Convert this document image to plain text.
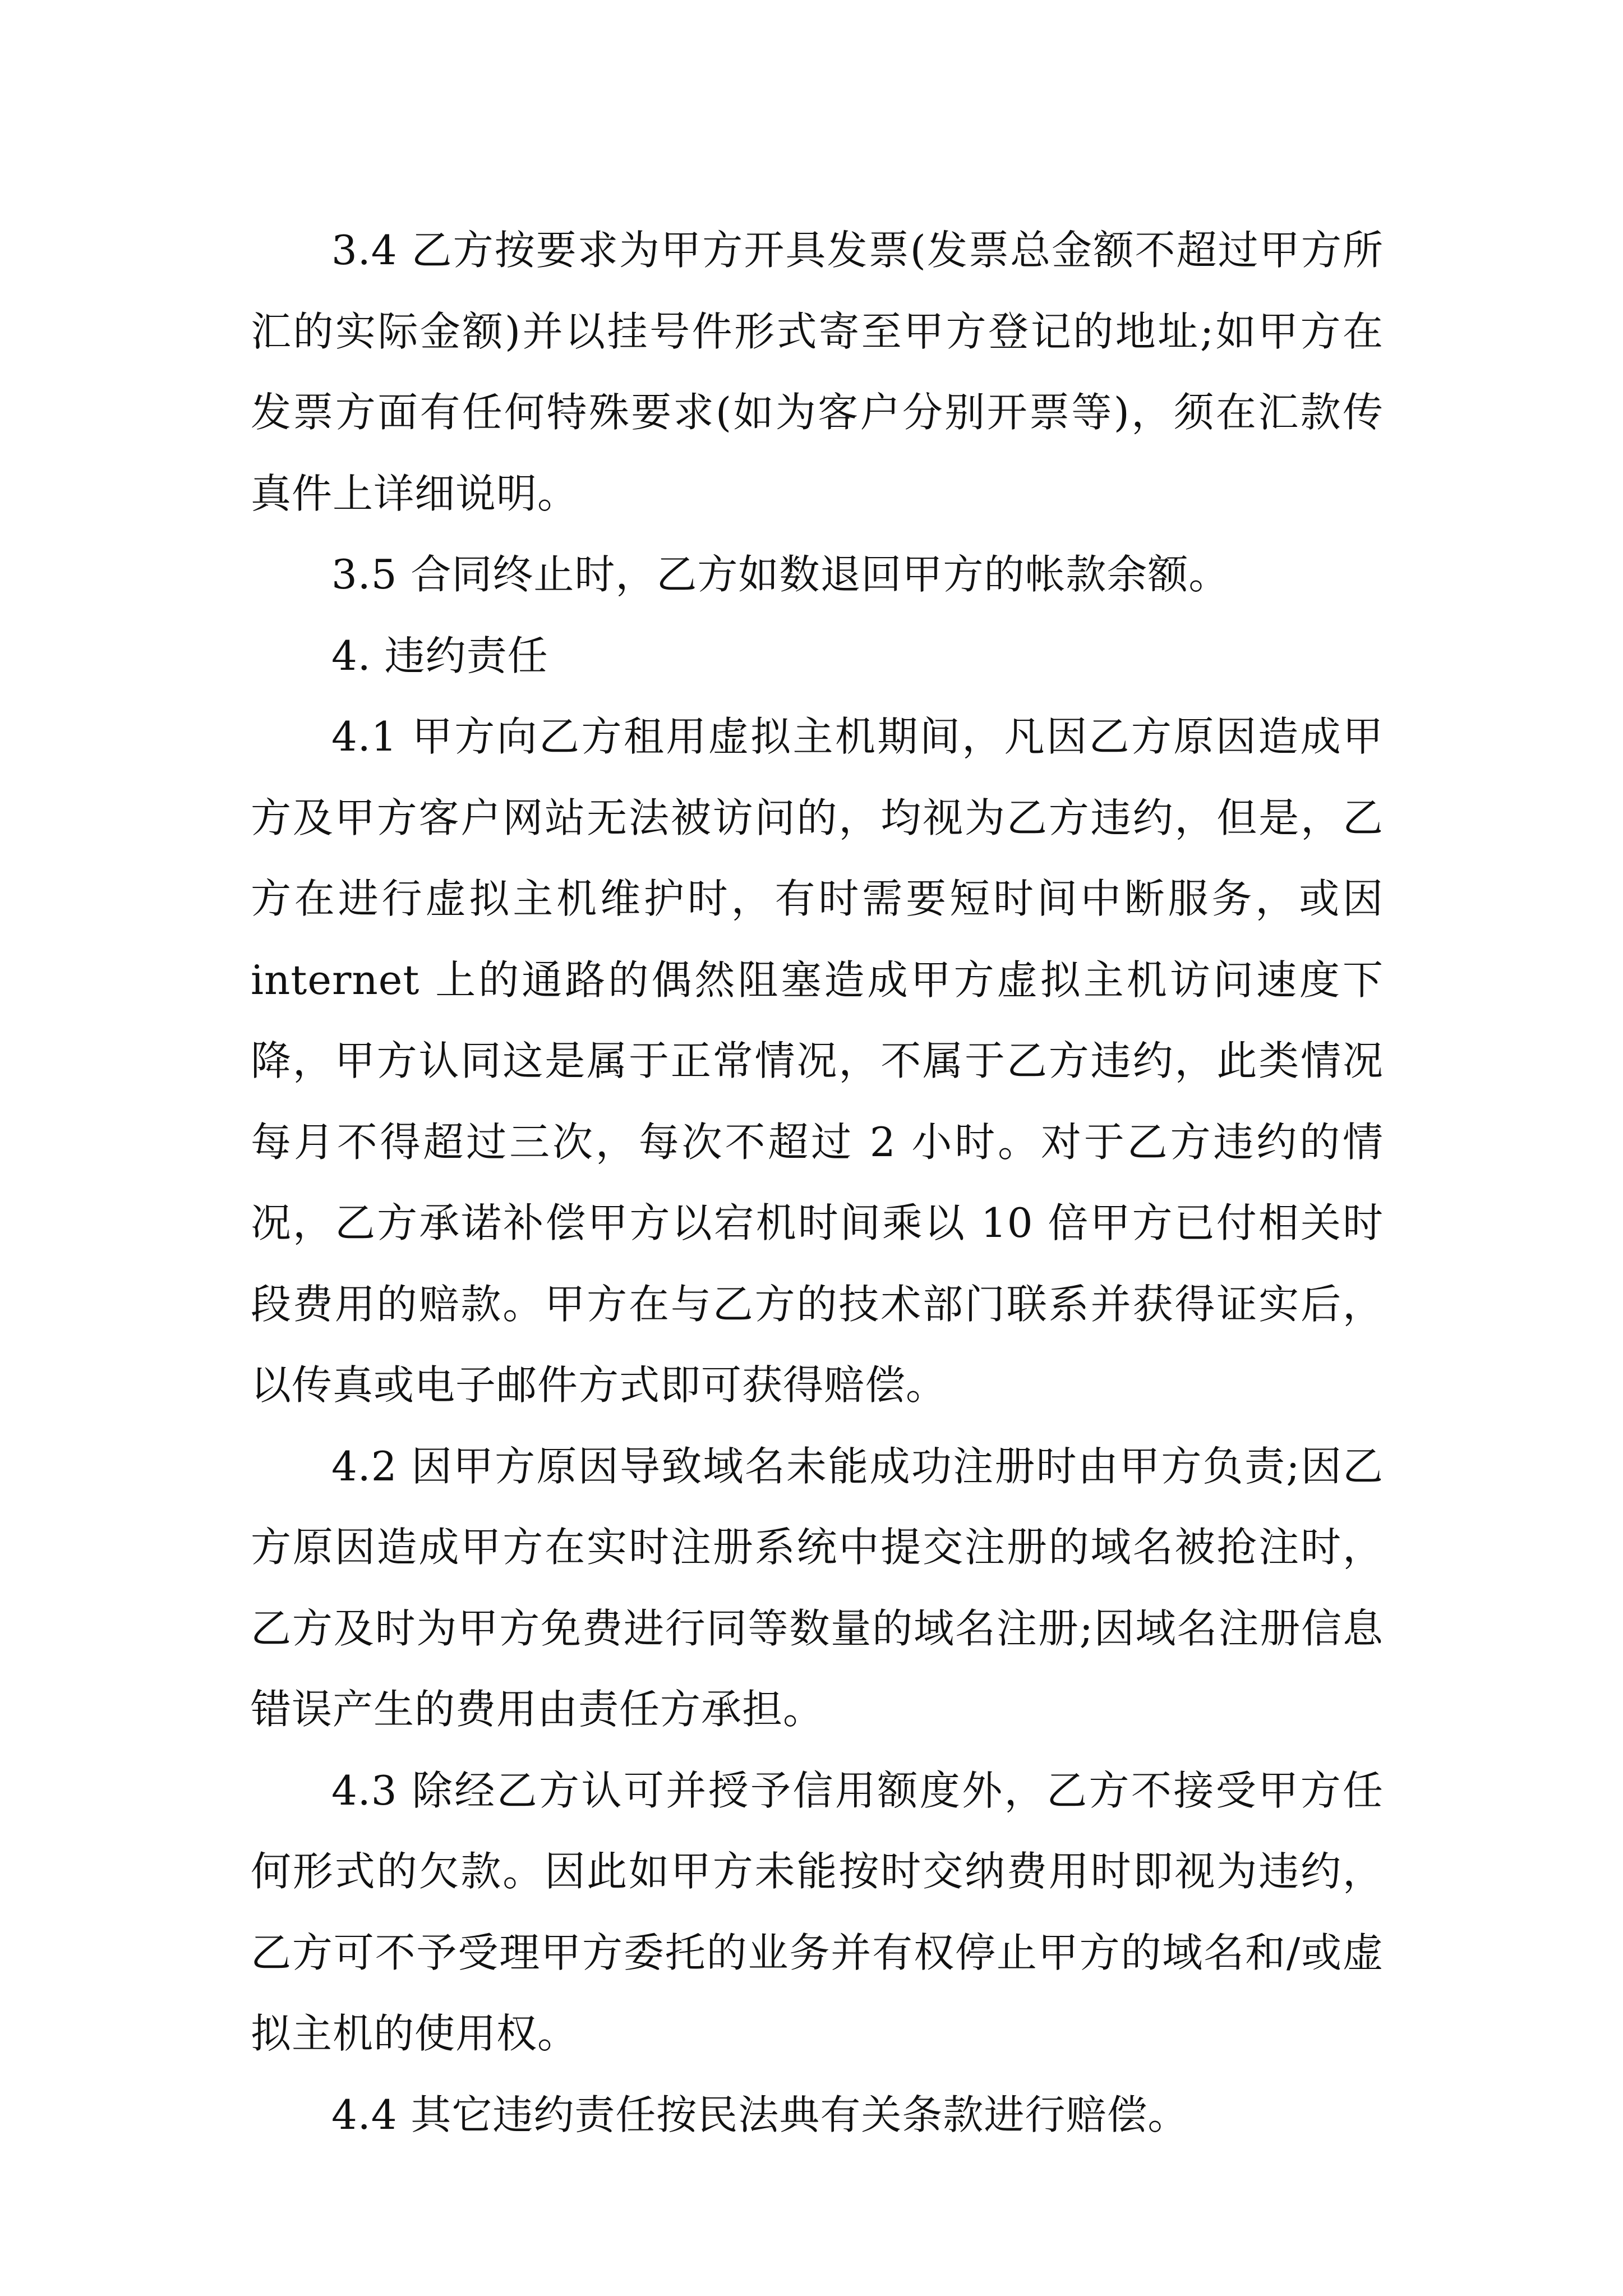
3.4 乙方按要求为甲方开具发票(发票总金额不超过甲方所汇的实际金额)并以挂号件形式寄至甲方登记的地址;如甲方在发票方面有任何特殊要求(如为客户分别开票等)，须在汇款传真件上详细说明。

3.5 合同终止时，乙方如数退回甲方的帐款余额。

4. 违约责任

4.1 甲方向乙方租用虚拟主机期间，凡因乙方原因造成甲方及甲方客户网站无法被访问的，均视为乙方违约，但是，乙方在进行虚拟主机维护时，有时需要短时间中断服务，或因 internet 上的通路的偶然阻塞造成甲方虚拟主机访问速度下降，甲方认同这是属于正常情况，不属于乙方违约，此类情况每月不得超过三次，每次不超过 2 小时。对于乙方违约的情况，乙方承诺补偿甲方以宕机时间乘以 10 倍甲方已付相关时段费用的赔款。甲方在与乙方的技术部门联系并获得证实后，以传真或电子邮件方式即可获得赔偿。

4.2 因甲方原因导致域名未能成功注册时由甲方负责;因乙方原因造成甲方在实时注册系统中提交注册的域名被抢注时，乙方及时为甲方免费进行同等数量的域名注册;因域名注册信息错误产生的费用由责任方承担。

4.3 除经乙方认可并授予信用额度外，乙方不接受甲方任何形式的欠款。因此如甲方未能按时交纳费用时即视为违约，乙方可不予受理甲方委托的业务并有权停止甲方的域名和/或虚拟主机的使用权。

4.4 其它违约责任按民法典有关条款进行赔偿。
